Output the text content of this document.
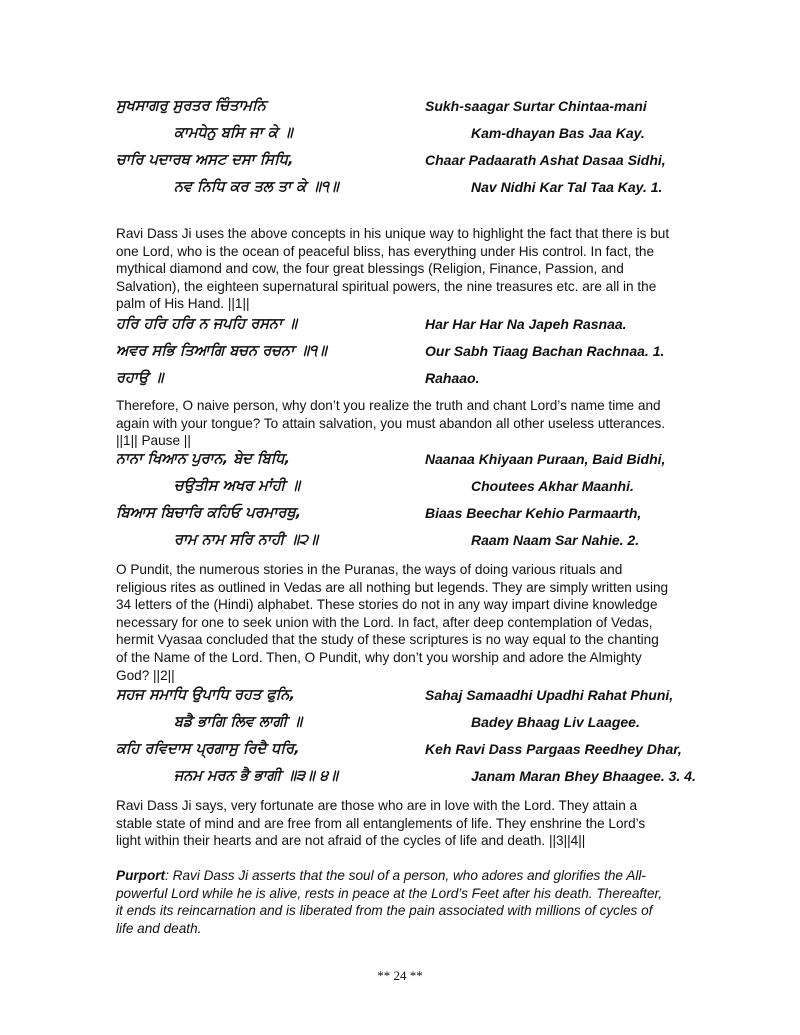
ਸੁਖਸਾਗਰੁ ਸੁਰਤਰ ਚਿੰਤਾਮਨਿ	Sukh-saagar Surtar Chintaa-mani
ਕਾਮਧੇਨੁ ਬਸਿ ਜਾ ਕੇ ॥	Kam-dhayan Bas Jaa Kay.
ਚਾਰਿ ਪਦਾਰਥ ਅਸਟ ਦਸਾ ਸਿਧਿ,	Chaar Padaarath Ashat Dasaa Sidhi,
ਨਵ ਨਿਧਿ ਕਰ ਤਲ ਤਾ ਕੇ ॥੧॥	Nav Nidhi Kar Tal Taa Kay. 1.

Ravi Dass Ji uses the above concepts in his unique way to highlight the fact that there is but one Lord, who is the ocean of peaceful bliss, has everything under His control. In fact, the mythical diamond and cow, the four great blessings (Religion, Finance, Passion, and Salvation), the eighteen supernatural spiritual powers, the nine treasures etc. are all in the palm of His Hand. ||1||

ਹਰਿ ਹਰਿ ਹਰਿ ਨ ਜਪਹਿ ਰਸਨਾ ॥	Har Har Har Na Japeh Rasnaa.
ਅਵਰ ਸਭਿ ਤਿਆਗਿ ਬਚਨ ਰਚਨਾ ॥੧॥	Our Sabh Tiaag Bachan Rachnaa. 1.
ਰਹਾਉ ॥	Rahaao.

Therefore, O naive person, why don’t you realize the truth and chant Lord’s name time and again with your tongue? To attain salvation, you must abandon all other useless utterances. ||1|| Pause ||

ਨਾਨਾ ਖਿਆਨ ਪੁਰਾਨ, ਬੇਦ ਬਿਧਿ,	Naanaa Khiyaan Puraan, Baid Bidhi,
ਚਉਤੀਸ ਅਖਰ ਮਾਂਹੀ ॥	Choutees Akhar Maanhi.
ਬਿਆਸ ਬਿਚਾਰਿ ਕਹਿਓ ਪਰਮਾਰਥੁ,	Biaas Beechar Kehio Parmaarth,
ਰਾਮ ਨਾਮ ਸਰਿ ਨਾਹੀ ॥੨॥	Raam Naam Sar Nahie. 2.

O Pundit, the numerous stories in the Puranas, the ways of doing various rituals and religious rites as outlined in Vedas are all nothing but legends. They are simply written using 34 letters of the (Hindi) alphabet. These stories do not in any way impart divine knowledge necessary for one to seek union with the Lord. In fact, after deep contemplation of Vedas, hermit Vyasaa concluded that the study of these scriptures is no way equal to the chanting of the Name of the Lord. Then, O Pundit, why don’t you worship and adore the Almighty God? ||2||

ਸਹਜ ਸਮਾਧਿ ਉਪਾਧਿ ਰਹਤ ਫੁਨਿ,	Sahaj Samaadhi Upadhi Rahat Phuni,
ਬਡੈ ਭਾਗਿ ਲਿਵ ਲਾਗੀ ॥	Badey Bhaag Liv Laagee.
ਕਹਿ ਰਵਿਦਾਸ ਪ੍ਰਗਾਸੁ ਰਿਦੈ ਧਰਿ,	Keh Ravi Dass Pargaas Reedhey Dhar,
ਜਨਮ ਮਰਨ ਭੈ ਭਾਗੀ ॥੩॥ ੪॥	Janam Maran Bhey Bhaagee. 3. 4.

Ravi Dass Ji says, very fortunate are those who are in love with the Lord. They attain a stable state of mind and are free from all entanglements of life. They enshrine the Lord’s light within their hearts and are not afraid of the cycles of life and death. ||3||4||

Purport: Ravi Dass Ji asserts that the soul of a person, who adores and glorifies the All-powerful Lord while he is alive, rests in peace at the Lord’s Feet after his death. Thereafter, it ends its reincarnation and is liberated from the pain associated with millions of cycles of life and death.

** 24 **
